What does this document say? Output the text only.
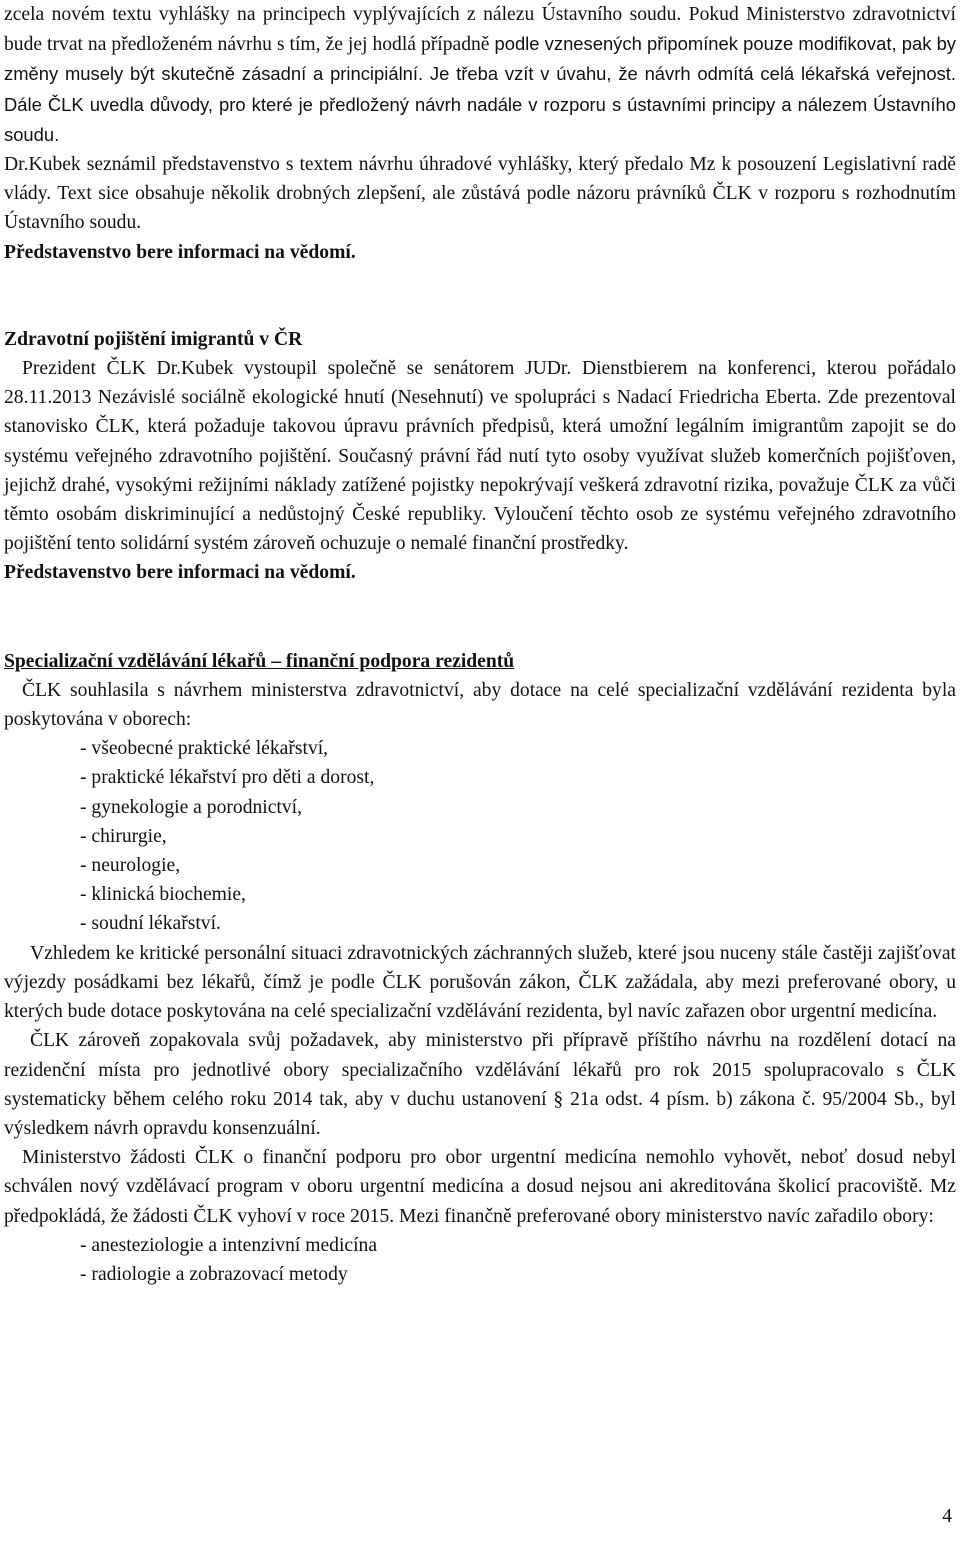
zcela novém textu vyhlášky na principech vyplývajících z nálezu Ústavního soudu. Pokud Ministerstvo zdravotnictví bude trvat na předloženém návrhu s tím, že jej hodlá případně podle vznesených připomínek pouze modifikovat, pak by změny musely být skutečně zásadní a principiální. Je třeba vzít v úvahu, že návrh odmítá celá lékařská veřejnost. Dále ČLK uvedla důvody, pro které je předložený návrh nadále v rozporu s ústavními principy a nálezem Ústavního soudu.

Dr.Kubek seznámil představenstvo s textem návrhu úhradové vyhlášky, který předalo Mz k posouzení Legislativní radě vlády. Text sice obsahuje několik drobných zlepšení, ale zůstává podle názoru právníků ČLK v rozporu s rozhodnutím Ústavního soudu.

Představenstvo bere informaci na vědomí.

Zdravotní pojištění imigrantů v ČR

Prezident ČLK Dr.Kubek vystoupil společně se senátorem JUDr. Dienstbierem na konferenci, kterou pořádalo 28.11.2013 Nezávislé sociálně ekologické hnutí (Nesehnutí) ve spolupráci s Nadací Friedricha Eberta. Zde prezentoval stanovisko ČLK, která požaduje takovou úpravu právních předpisů, která umožní legálním imigrantům zapojit se do systému veřejného zdravotního pojištění. Současný právní řád nutí tyto osoby využívat služeb komerčních pojišťoven, jejichž drahé, vysokými režijními náklady zatížené pojistky nepokrývají veškerá zdravotní rizika, považuje ČLK za vůči těmto osobám diskriminující a nedůstojný České republiky. Vyloučení těchto osob ze systému veřejného zdravotního pojištění tento solidární systém zároveň ochuzuje o nemalé finanční prostředky.

Představenstvo bere informaci na vědomí.

Specializační vzdělávání lékařů – finanční podpora rezidentů

ČLK souhlasila s návrhem ministerstva zdravotnictví, aby dotace na celé specializační vzdělávání rezidenta byla poskytována v oborech:

- všeobecné praktické lékařství,
- praktické lékařství pro děti a dorost,
- gynekologie a porodnictví,
- chirurgie,
- neurologie,
- klinická biochemie,
- soudní lékařství.

Vzhledem ke kritické personální situaci zdravotnických záchranných služeb, které jsou nuceny stále častěji zajišťovat výjezdy posádkami bez lékařů, čímž je podle ČLK porušován zákon, ČLK zažádala, aby mezi preferované obory, u kterých bude dotace poskytována na celé specializační vzdělávání rezidenta, byl navíc zařazen obor urgentní medicína.

ČLK zároveň zopakovala svůj požadavek, aby ministerstvo při přípravě příštího návrhu na rozdělení dotací na rezidenční místa pro jednotlivé obory specializačního vzdělávání lékařů pro rok 2015 spolupracovalo s ČLK systematicky během celého roku 2014 tak, aby v duchu ustanovení § 21a odst. 4 písm. b) zákona č. 95/2004 Sb., byl výsledkem návrh opravdu konsenzuální.

Ministerstvo žádosti ČLK o finanční podporu pro obor urgentní medicína nemohlo vyhovět, neboť dosud nebyl schválen nový vzdělávací program v oboru urgentní medicína a dosud nejsou ani akreditována školicí pracoviště. Mz předpokládá, že žádosti ČLK vyhoví v roce 2015. Mezi finančně preferované obory ministerstvo navíc zařadilo obory:

- anesteziologie a intenzivní medicína
- radiologie a zobrazovací metody
4
